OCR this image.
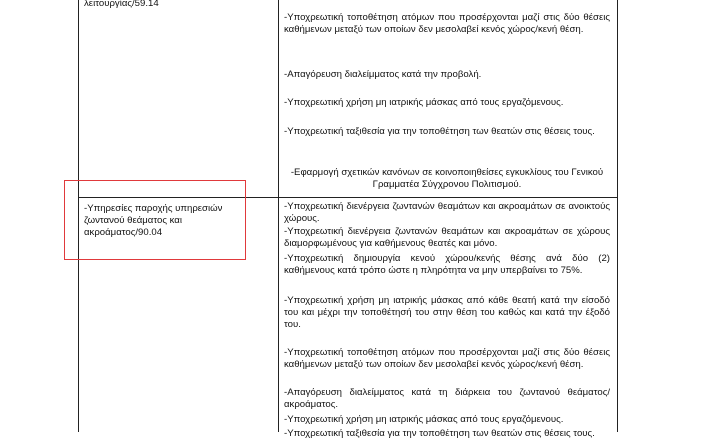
λειτουργίας/59.14

-Υποχρεωτική τοποθέτηση ατόμων που προσέρχονται μαζί στις δύο θέσεις καθήμενων μεταξύ των οποίων δεν μεσολαβεί κενός χώρος/κενή θέση.

-Απαγόρευση διαλείμματος κατά την προβολή.

-Υποχρεωτική χρήση μη ιατρικής μάσκας από τους εργαζόμενους.

-Υποχρεωτική ταξιθεσία για την τοποθέτηση των θεατών στις θέσεις τους.

-Εφαρμογή σχετικών κανόνων σε κοινοποιηθείσες εγκυκλίους του Γενικού Γραμματέα Σύγχρονου Πολιτισμού.

-Υπηρεσίες παροχής υπηρεσιών ζωντανού θεάματος και ακροάματος/90.04

-Υποχρεωτική διενέργεια ζωντανών θεαμάτων και ακροαμάτων σε ανοικτούς χώρους.

-Υποχρεωτική διενέργεια ζωντανών θεαμάτων και ακροαμάτων σε χώρους διαμορφωμένους για καθήμενους θεατές και μόνο.

-Υποχρεωτική δημιουργία κενού χώρου/κενής θέσης ανά δύο (2) καθήμενους κατά τρόπο ώστε η πληρότητα να μην υπερβαίνει το 75%.

-Υποχρεωτική χρήση μη ιατρικής μάσκας από κάθε θεατή κατά την είσοδό του και μέχρι την τοποθέτησή του στην θέση του καθώς και κατά την έξοδό του.

-Υποχρεωτική τοποθέτηση ατόμων που προσέρχονται μαζί στις δύο θέσεις καθήμενων μεταξύ των οποίων δεν μεσολαβεί κενός χώρος/κενή θέση.

-Απαγόρευση διαλείμματος κατά τη διάρκεια του ζωντανού θεάματος/ακροάματος.

-Υποχρεωτική χρήση μη ιατρικής μάσκας από τους εργαζόμενους.

-Υποχρεωτική ταξιθεσία για την τοποθέτηση των θεατών στις θέσεις τους.
